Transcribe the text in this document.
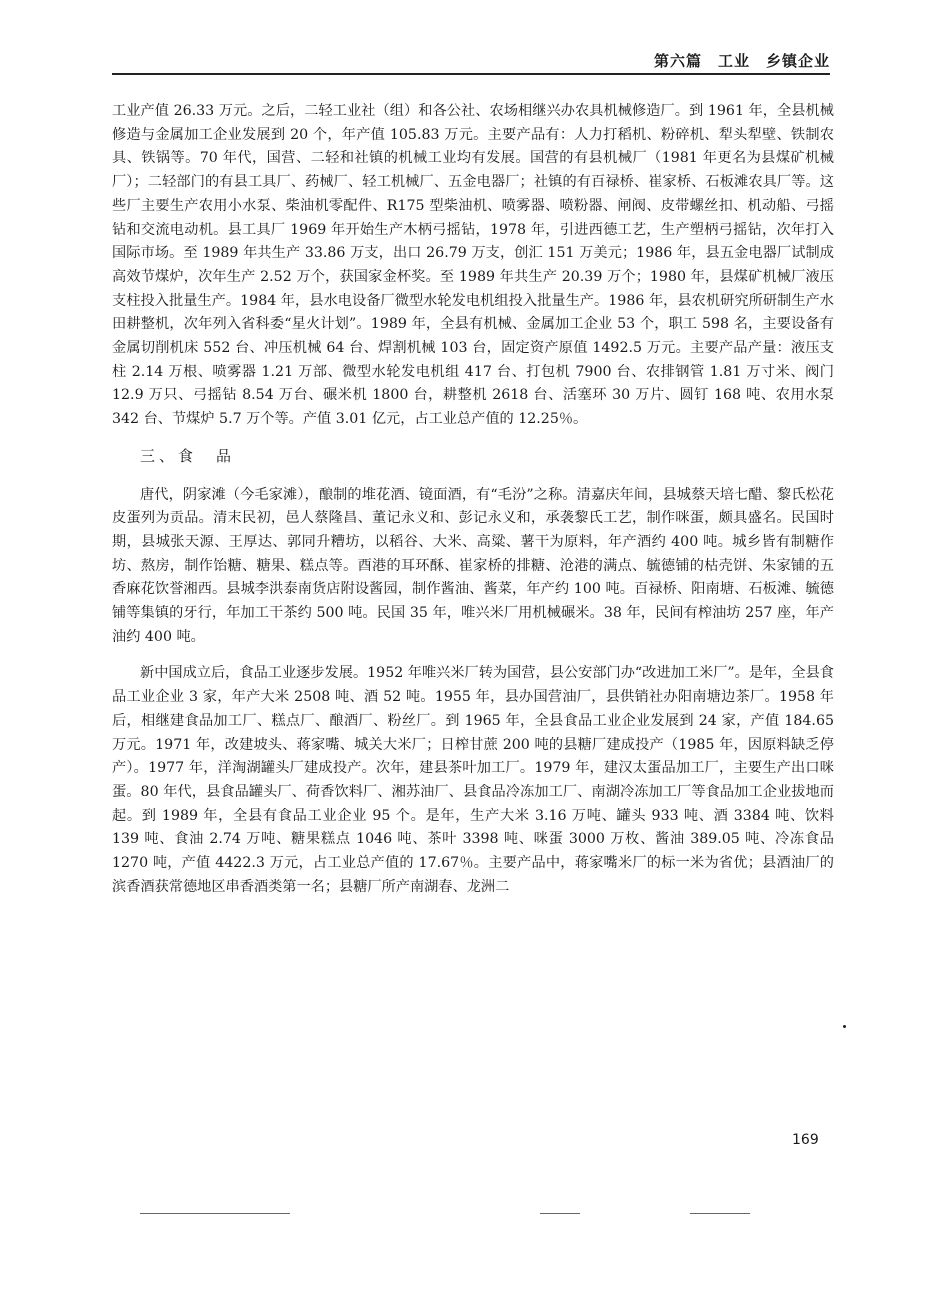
第六篇　工业　乡镇企业

工业产值 26.33 万元。之后，二轻工业社（组）和各公社、农场相继兴办农具机械修造厂。到 1961 年，全县机械修造与金属加工企业发展到 20 个，年产值 105.83 万元。主要产品有：人力打稻机、粉碎机、犁头犁壁、铁制农具、铁锅等。70 年代，国营、二轻和社镇的机械工业均有发展。国营的有县机械厂（1981 年更名为县煤矿机械厂）；二轻部门的有县工具厂、药械厂、轻工机械厂、五金电器厂；社镇的有百禄桥、崔家桥、石板滩农具厂等。这些厂主要生产农用小水泵、柴油机零配件、R175 型柴油机、喷雾器、喷粉器、闸阀、皮带螺丝扣、机动船、弓摇钻和交流电动机。县工具厂 1969 年开始生产木柄弓摇钻，1978 年，引进西德工艺，生产塑柄弓摇钻，次年打入国际市场。至 1989 年共生产 33.86 万支，出口 26.79 万支，创汇 151 万美元；1986 年，县五金电器厂试制成高效节煤炉，次年生产 2.52 万个，获国家金杯奖。至 1989 年共生产 20.39 万个；1980 年，县煤矿机械厂液压支柱投入批量生产。1984 年，县水电设备厂微型水轮发电机组投入批量生产。1986 年，县农机研究所研制生产水田耕整机，次年列入省科委“星火计划”。1989 年，全县有机械、金属加工企业 53 个，职工 598 名，主要设备有金属切削机床 552 台、冲压机械 64 台、焊割机械 103 台，固定资产原值 1492.5 万元。主要产品产量：液压支柱 2.14 万根、喷雾器 1.21 万部、微型水轮发电机组 417 台、打包机 7900 台、农排钢管 1.81 万寸米、阀门 12.9 万只、弓摇钻 8.54 万台、碾米机 1800 台，耕整机 2618 台、活塞环 30 万片、圆钉 168 吨、农用水泵 342 台、节煤炉 5.7 万个等。产值 3.01 亿元，占工业总产值的 12.25％。

三、食　品

唐代，阴家滩（今毛家滩），酿制的堆花酒、镜面酒，有“毛汾”之称。清嘉庆年间，县城蔡天培七醋、黎氏松花皮蛋列为贡品。清末民初，邑人蔡隆昌、董记永义和、彭记永义和，承袭黎氏工艺，制作咪蛋，颇具盛名。民国时期，县城张天源、王厚达、郭同升糟坊，以稻谷、大米、高粱、薯干为原料，年产酒约 400 吨。城乡皆有制糖作坊、熬房，制作饴糖、糖果、糕点等。酉港的耳环酥、崔家桥的排糖、沧港的满点、毓德铺的枯壳饼、朱家铺的五香麻花饮誉湘西。县城李洪泰南货店附设酱园，制作酱油、酱菜，年产约 100 吨。百禄桥、阳南塘、石板滩、毓德铺等集镇的牙行，年加工干茶约 500 吨。民国 35 年，唯兴米厂用机械碾米。38 年，民间有榨油坊 257 座，年产油约 400 吨。

新中国成立后，食品工业逐步发展。1952 年唯兴米厂转为国营，县公安部门办“改进加工米厂”。是年，全县食品工业企业 3 家，年产大米 2508 吨、酒 52 吨。1955 年，县办国营油厂，县供销社办阳南塘边茶厂。1958 年后，相继建食品加工厂、糕点厂、酿酒厂、粉丝厂。到 1965 年，全县食品工业企业发展到 24 家，产值 184.65 万元。1971 年，改建坡头、蒋家嘴、城关大米厂；日榨甘蔗 200 吨的县糖厂建成投产（1985 年，因原料缺乏停产）。1977 年，洋淘湖罐头厂建成投产。次年，建县茶叶加工厂。1979 年，建汉太蛋品加工厂，主要生产出口咪蛋。80 年代，县食品罐头厂、荷香饮料厂、湘苏油厂、县食品冷冻加工厂、南湖冷冻加工厂等食品加工企业拔地而起。到 1989 年，全县有食品工业企业 95 个。是年，生产大米 3.16 万吨、罐头 933 吨、酒 3384 吨、饮料 139 吨、食油 2.74 万吨、糖果糕点 1046 吨、茶叶 3398 吨、咪蛋 3000 万枚、酱油 389.05 吨、冷冻食品 1270 吨，产值 4422.3 万元，占工业总产值的 17.67％。主要产品中，蒋家嘴米厂的标一米为省优；县酒油厂的滨香酒获常德地区串香酒类第一名；县糖厂所产南湖春、龙洲二

169
